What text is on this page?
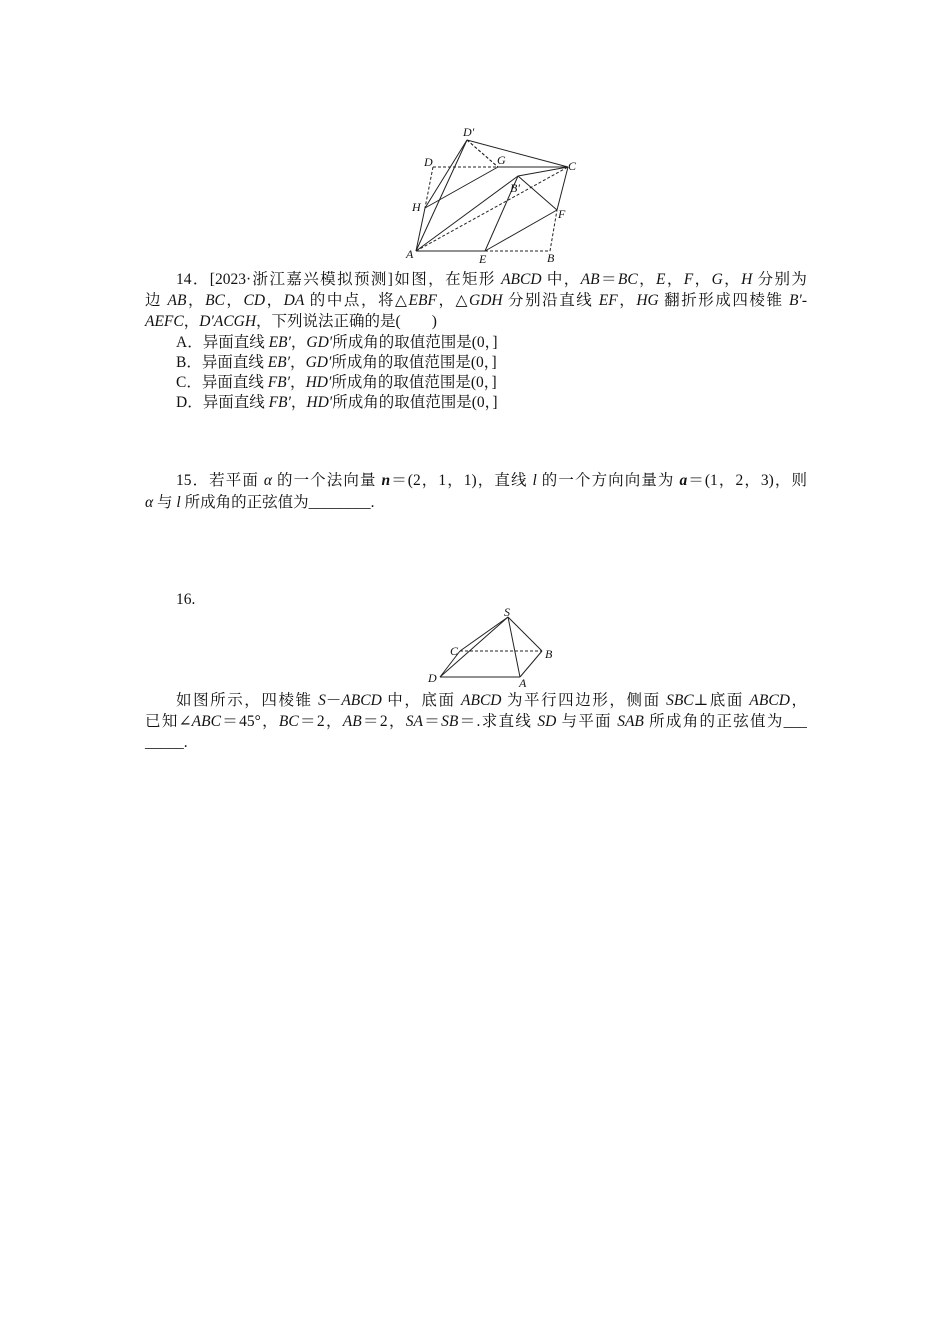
D′
D	G	C
B′
H	F
A	E	B
14．[2023·浙江嘉兴模拟预测]如图，在矩形 ABCD 中，AB＝BC，E，F，G，H 分别为
边 AB，BC，CD，DA 的中点，将△EBF，△GDH 分别沿直线 EF，HG 翻折形成四棱锥 B′-
AEFC，D′ACGH，下列说法正确的是(　　)
A．异面直线 EB′，GD′所成角的取值范围是(0，]
B．异面直线 EB′，GD′所成角的取值范围是(0，]
C．异面直线 FB′，HD′所成角的取值范围是(0，]
D．异面直线 FB′，HD′所成角的取值范围是(0，]
15．若平面 α 的一个法向量 n＝(2，1，1)，直线 l 的一个方向向量为 a＝(1，2，3)，则
α 与 l 所成角的正弦值为________.
16.
S
C	B
D	A
如图所示，四棱锥 S－ABCD 中，底面 ABCD 为平行四边形，侧面 SBC⊥底面 ABCD，
已知∠ABC＝45°，BC＝2，AB＝2，SA＝SB＝.求直线 SD 与平面 SAB 所成角的正弦值为___
_____.
